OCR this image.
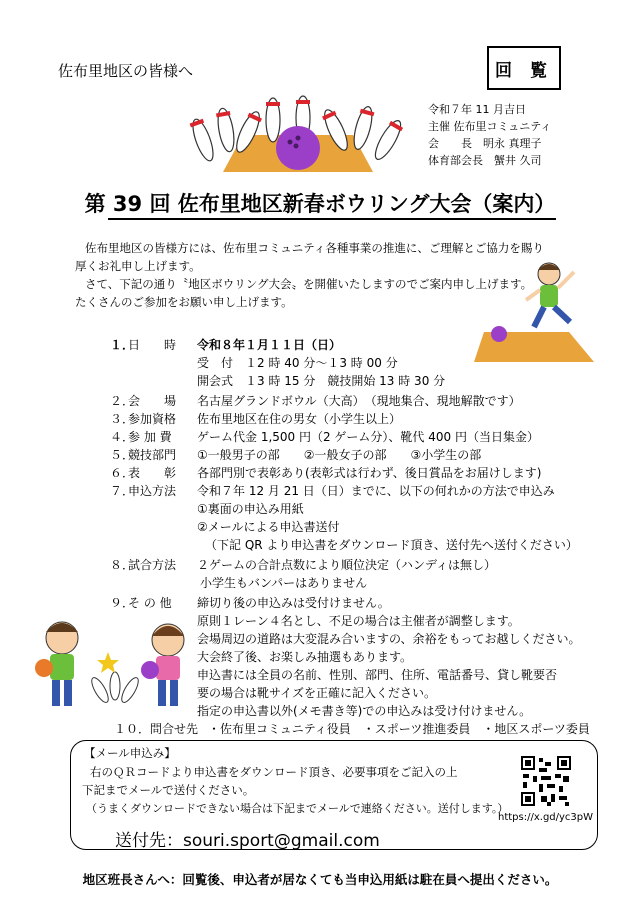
佐布里地区の皆様へ	回 覧
令和７年 11 月吉日
主催 佐布里コミュニティ
会　　長　明永 真理子
体育部会長　蟹井 久司
第 39 回 佐布里地区新春ボウリング大会（案内）
佐布里地区の皆様方には、佐布里コミュニティ各種事業の推進に、ご理解とご協力を賜り
厚くお礼申し上げます。
さて、下記の通り〝地区ボウリング大会〟を開催いたしますのでご案内申し上げます。
たくさんのご参加をお願い申し上げます。
１．
日　　時 令和８年１月１１日（日）
受　付　１2 時 40 分～１3 時 00 分
開会式　１3 時 15 分　競技開始 13 時 30 分
２．
会　　場 名古屋グランドボウル（大高）　（現地集合、現地解散です）
３．
参加資格 佐布里地区在住の男女（小学生以上）
４．
参 加 費 ゲーム代金 1,500 円（2 ゲーム分）、靴代 400 円（当日集金）
５．
競技部門 ①一般男子の部　　②一般女子の部　　③小学生の部
６．
表　　彰 各部門別で表彰あり(表彰式は行わず、後日賞品をお届けします)
７．
申込方法 令和７年 12 月 21 日（日）までに、以下の何れかの方法で申込み
①裏面の申込み用紙
②メールによる申込書送付
（下記 QR より申込書をダウンロード頂き、送付先へ送付ください）
８．
試合方法 ２ゲームの合計点数により順位決定（ハンディは無し）
小学生もバンパーはありません
９．
そ の 他 締切り後の申込みは受付けません。
原則１レーン４名とし、不足の場合は主催者が調整します。
会場周辺の道路は大変混み合いますの、余裕をもってお越しください。
大会終了後、お楽しみ抽選もあります。
申込書には全員の名前、性別、部門、住所、電話番号、貸し靴要否
要の場合は靴サイズを正確に記入ください。
指定の申込書以外(メモ書き等)での申込みは受け付けません。
１０． 問合せ先 ・佐布里コミュニティ役員　・スポーツ推進委員　・地区スポーツ委員
【メール申込み】
右のＱＲコードより申込書をダウンロード頂き、必要事項をご記入の上
下記までメールで送付ください。
（うまくダウンロードできない場合は下記までメールで連絡ください。送付します。）
送付先：souri.sport@gmail.com
https://x.gd/yc3pW
地区班長さんへ：回覧後、申込者が居なくても当申込用紙は駐在員へ提出ください。
